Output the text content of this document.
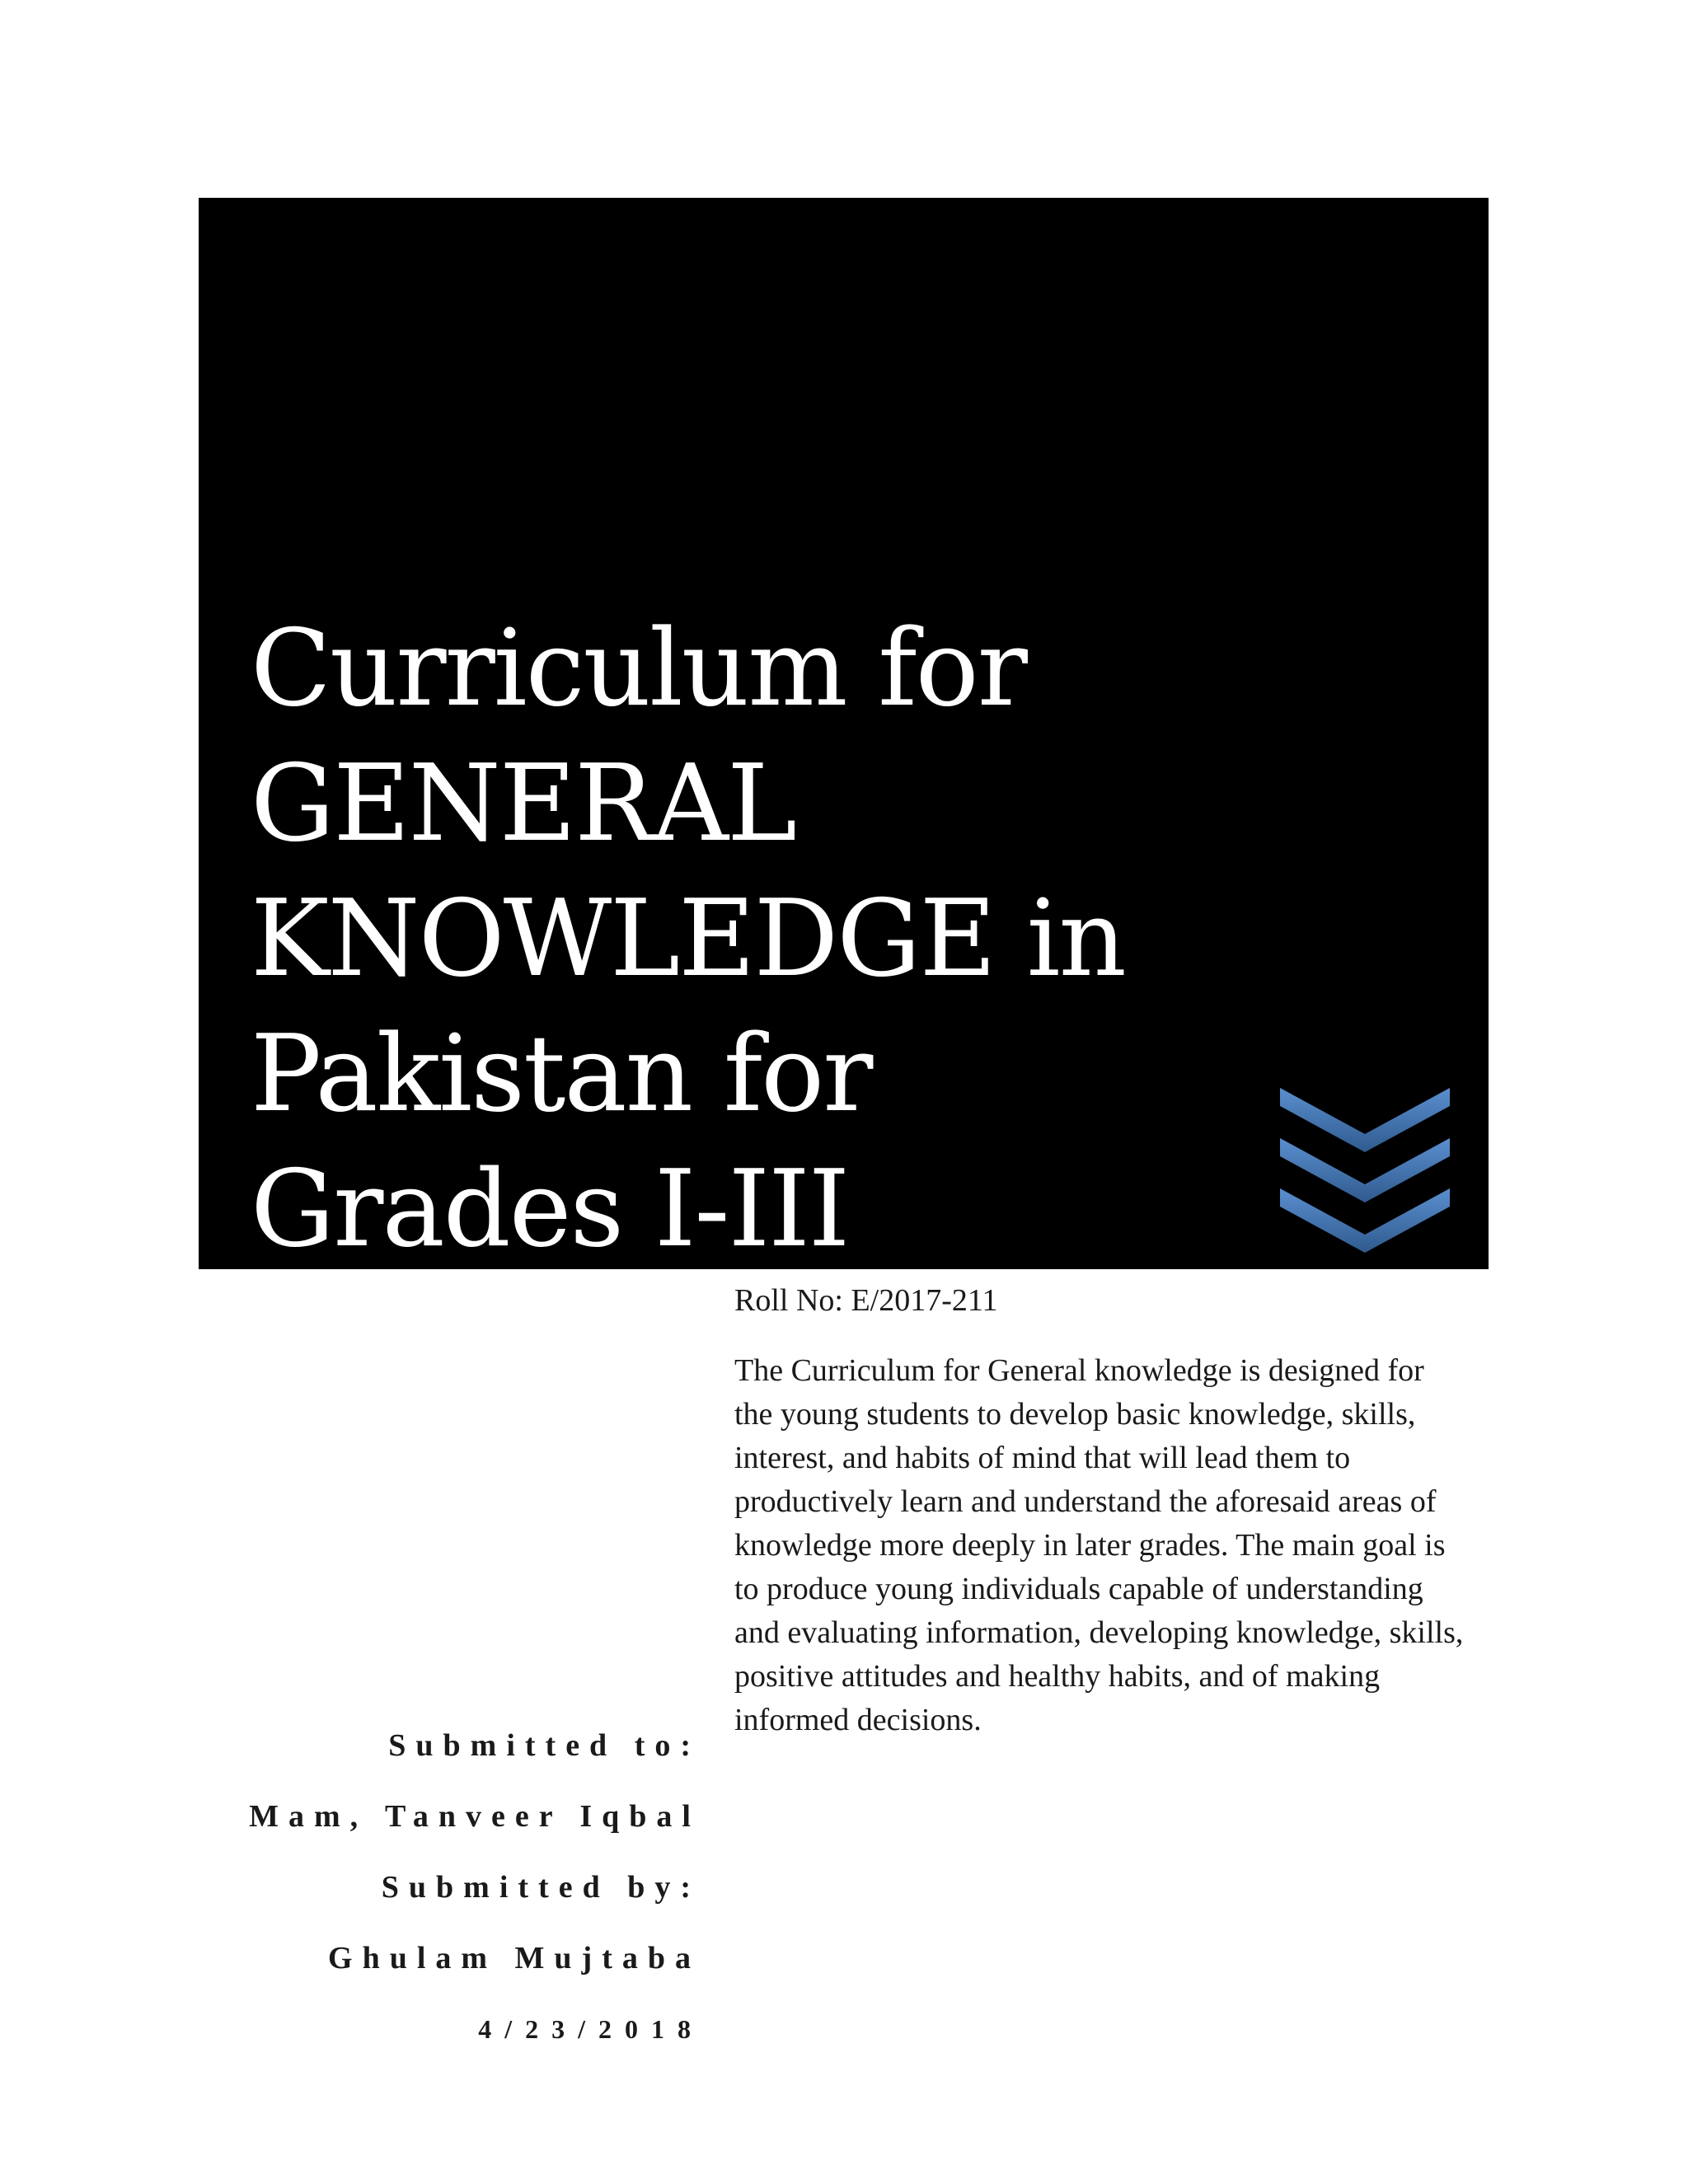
Curriculum for
GENERAL
KNOWLEDGE in
Pakistan for
Grades I-III
Roll No: E/2017-211

The Curriculum for General knowledge is designed for the young students to develop basic knowledge, skills, interest, and habits of mind that will lead them to productively learn and understand the aforesaid areas of knowledge more deeply in later grades. The main goal is to produce young individuals capable of understanding and evaluating information, developing knowledge, skills, positive attitudes and healthy habits, and of making informed decisions.

Submitted to:
Mam, Tanveer Iqbal
Submitted by:
Ghulam Mujtaba
4/23/2018
